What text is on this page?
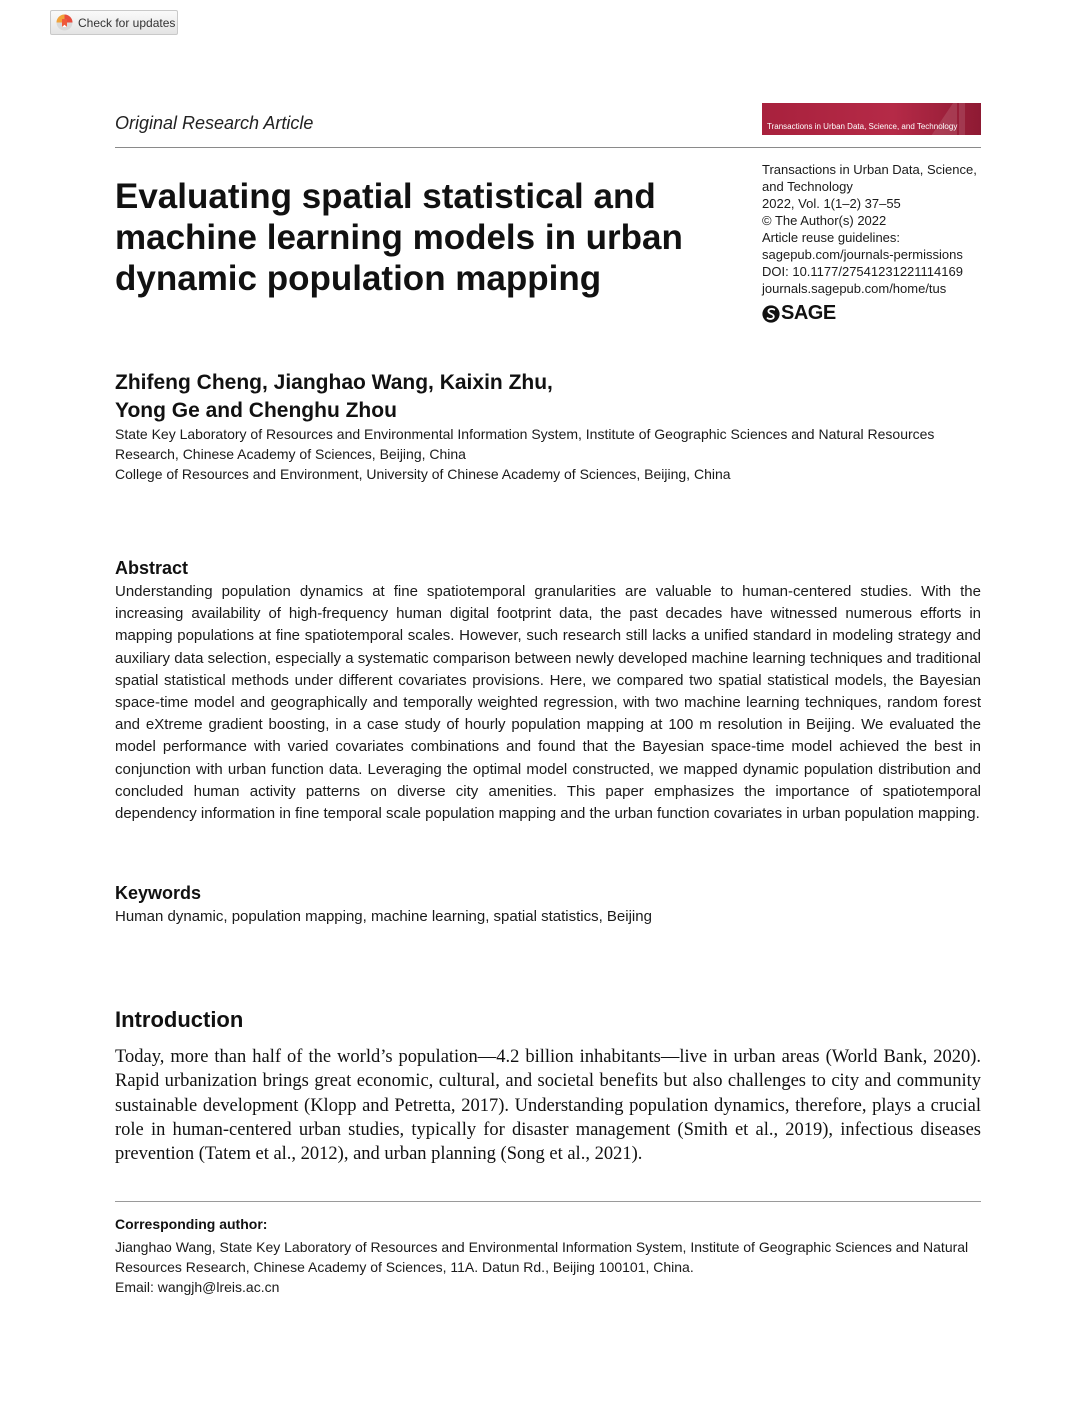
Check for updates
Original Research Article	Transactions in Urban Data, Science, and Technology
Evaluating spatial statistical and machine learning models in urban dynamic population mapping
Transactions in Urban Data, Science,
and Technology
2022, Vol. 1(1–2) 37–55
© The Author(s) 2022
Article reuse guidelines:
sagepub.com/journals-permissions
DOI: 10.1177/27541231221114169
journals.sagepub.com/home/tus
SAGE
Zhifeng Cheng, Jianghao Wang, Kaixin Zhu,
Yong Ge and Chenghu Zhou
State Key Laboratory of Resources and Environmental Information System, Institute of Geographic Sciences and Natural Resources Research, Chinese Academy of Sciences, Beijing, China
College of Resources and Environment, University of Chinese Academy of Sciences, Beijing, China
Abstract
Understanding population dynamics at fine spatiotemporal granularities are valuable to human-centered studies. With the increasing availability of high-frequency human digital footprint data, the past decades have witnessed numerous efforts in mapping populations at fine spatiotemporal scales. However, such research still lacks a unified standard in modeling strategy and auxiliary data selection, especially a systematic comparison between newly developed machine learning techniques and traditional spatial statistical methods under different covariates provisions. Here, we compared two spatial statistical models, the Bayesian space-time model and geographically and temporally weighted regression, with two machine learning techniques, random forest and eXtreme gradient boosting, in a case study of hourly population mapping at 100 m resolution in Beijing. We evaluated the model performance with varied covariates combinations and found that the Bayesian space-time model achieved the best in conjunction with urban function data. Leveraging the optimal model constructed, we mapped dynamic population distribution and concluded human activity patterns on diverse city amenities. This paper emphasizes the importance of spatiotemporal dependency information in fine temporal scale population mapping and the urban function covariates in urban population mapping.
Keywords
Human dynamic, population mapping, machine learning, spatial statistics, Beijing
Introduction
Today, more than half of the world’s population—4.2 billion inhabitants—live in urban areas (World Bank, 2020). Rapid urbanization brings great economic, cultural, and societal benefits but also challenges to city and community sustainable development (Klopp and Petretta, 2017). Understanding population dynamics, therefore, plays a crucial role in human-centered urban studies, typically for disaster management (Smith et al., 2019), infectious diseases prevention (Tatem et al., 2012), and urban planning (Song et al., 2021).
Corresponding author:
Jianghao Wang, State Key Laboratory of Resources and Environmental Information System, Institute of Geographic Sciences and Natural Resources Research, Chinese Academy of Sciences, 11A. Datun Rd., Beijing 100101, China.
Email: wangjh@lreis.ac.cn
